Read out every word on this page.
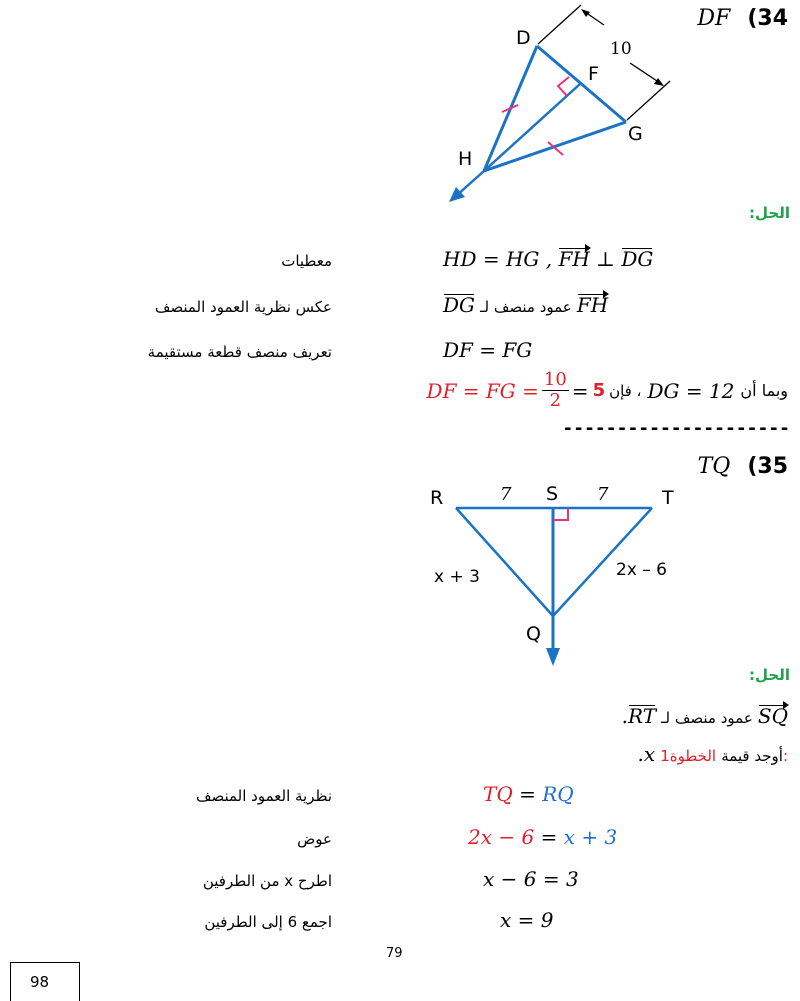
DF (34
D
F
G
H
10
الحل:
معطيات	HD = HG , FH ⊥ DG
عكس نظرية العمود المنصف	DG عمود منصف لـ FH
تعريف منصف قطعة مستقيمة	DF = FG
DF = FG = $\frac{10}{2} = 5$ ، فإن DG = 12 وبما أن
---------------------
TQ (35
R	S	T
Q
7	7
x + 3	2x – 6
الحل:
.RT عمود منصف لـ SQ
.x	أوجد قيمة الخطوة1:
نظرية العمود المنصف	TQ = RQ
عوض	2x − 6 = x + 3
اطرح x من الطرفين	x − 6 = 3
اجمع 6 إلى الطرفين	x = 9
79
98
